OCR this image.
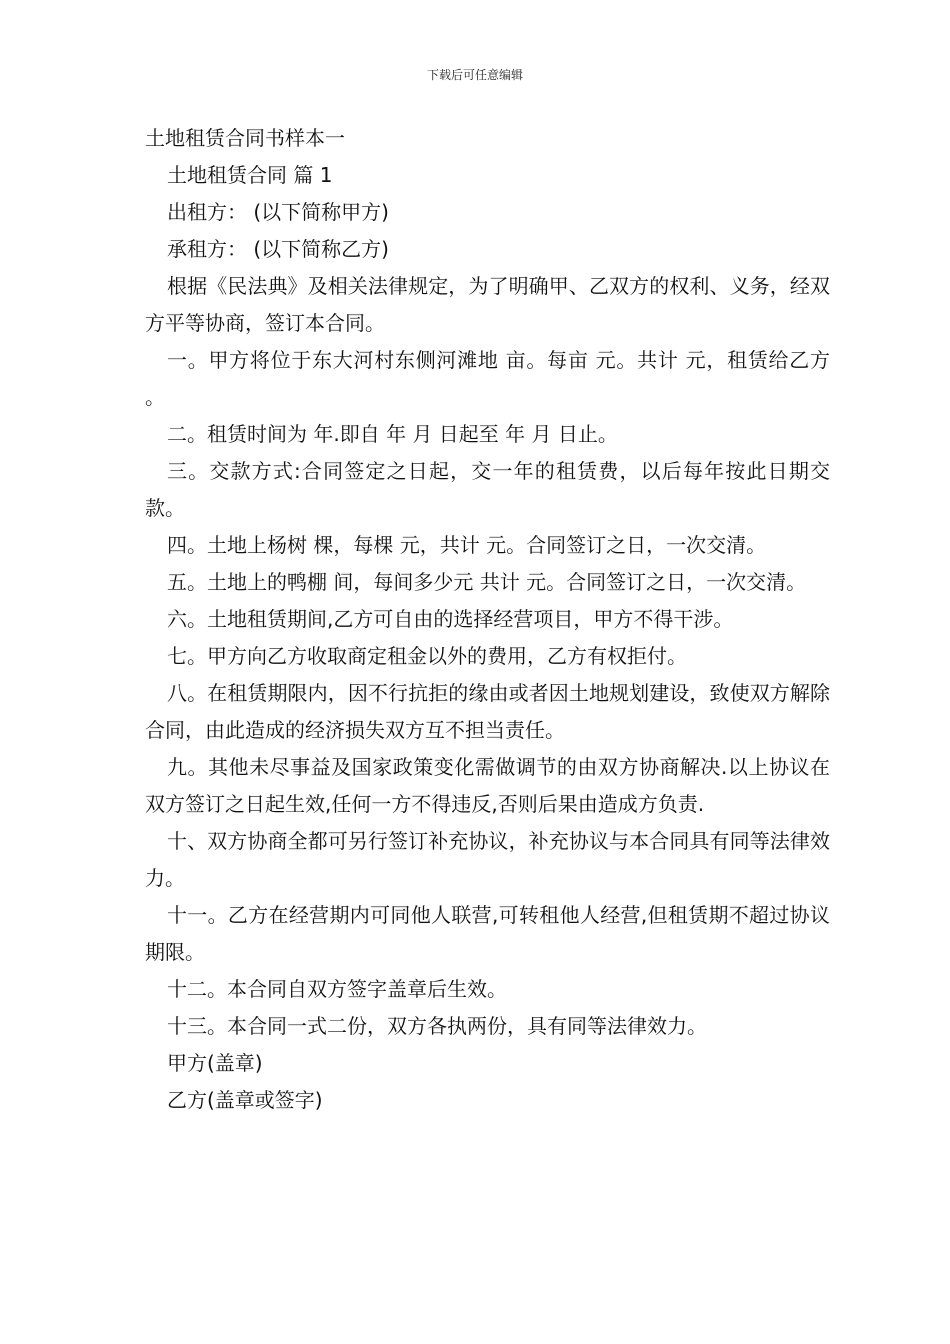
下载后可任意编辑
土地租赁合同书样本一
土地租赁合同 篇 1
出租方： (以下简称甲方)
承租方： (以下简称乙方)
根据《民法典》及相关法律规定，为了明确甲、乙双方的权利、义务，经双方平等协商，签订本合同。
一。甲方将位于东大河村东侧河滩地 亩。每亩 元。共计 元，租赁给乙方 。
二。租赁时间为 年.即自 年 月 日起至 年 月 日止。
三。交款方式:合同签定之日起，交一年的租赁费，以后每年按此日期交款。
四。土地上杨树 棵，每棵 元，共计 元。合同签订之日，一次交清。
五。土地上的鸭棚 间，每间多少元 共计 元。合同签订之日，一次交清。
六。土地租赁期间,乙方可自由的选择经营项目，甲方不得干涉。
七。甲方向乙方收取商定租金以外的费用，乙方有权拒付。
八。在租赁期限内，因不行抗拒的缘由或者因土地规划建设，致使双方解除合同，由此造成的经济损失双方互不担当责任。
九。其他未尽事益及国家政策变化需做调节的由双方协商解决.以上协议在双方签订之日起生效,任何一方不得违反,否则后果由造成方负责.
十、双方协商全都可另行签订补充协议，补充协议与本合同具有同等法律效力。
十一。乙方在经营期内可同他人联营,可转租他人经营,但租赁期不超过协议期限。
十二。本合同自双方签字盖章后生效。
十三。本合同一式二份，双方各执两份，具有同等法律效力。
甲方(盖章)
乙方(盖章或签字)
